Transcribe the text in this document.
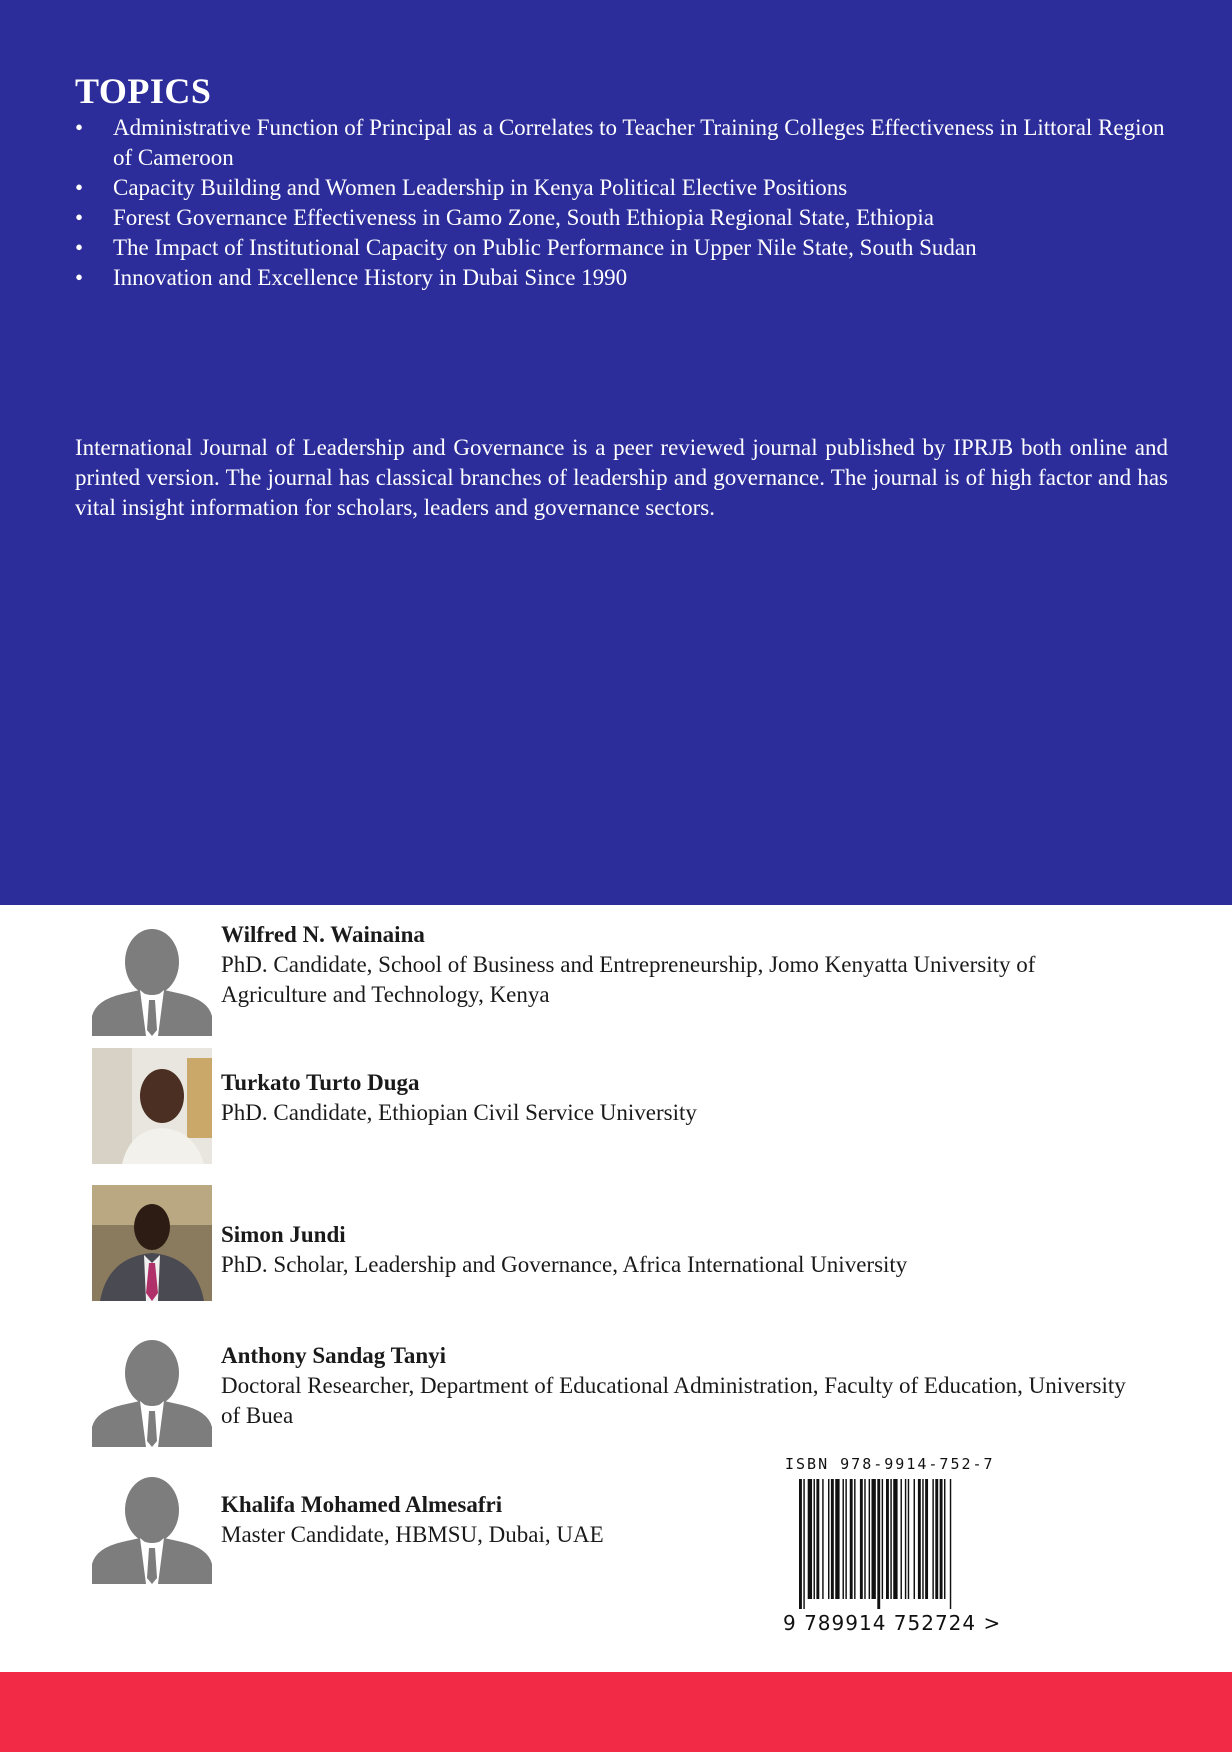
TOPICS
•	Administrative Function of Principal as a Correlates to Teacher Training Colleges Effectiveness in Littoral Region of Cameroon
•	Capacity Building and Women Leadership in Kenya Political Elective Positions
•	Forest Governance Effectiveness in Gamo Zone, South Ethiopia Regional State, Ethiopia
•	The Impact of Institutional Capacity on Public Performance in Upper Nile State, South Sudan
•	Innovation and Excellence History in Dubai Since 1990

International Journal of Leadership and Governance is a peer reviewed journal published by IPRJB both online and printed version. The journal has classical branches of leadership and governance. The journal is of high factor and has vital insight information for scholars, leaders and governance sectors.

Wilfred N. Wainaina
PhD. Candidate, School of Business and Entrepreneurship, Jomo Kenyatta University of Agriculture and Technology, Kenya
Turkato Turto Duga
PhD. Candidate, Ethiopian Civil Service University
Simon Jundi
PhD. Scholar, Leadership and Governance, Africa International University
Anthony Sandag Tanyi
Doctoral Researcher, Department of Educational Administration, Faculty of Education, University of Buea
Khalifa Mohamed Almesafri
Master Candidate, HBMSU, Dubai, UAE
ISBN 978-9914-752-7
9 789914 752724 >
